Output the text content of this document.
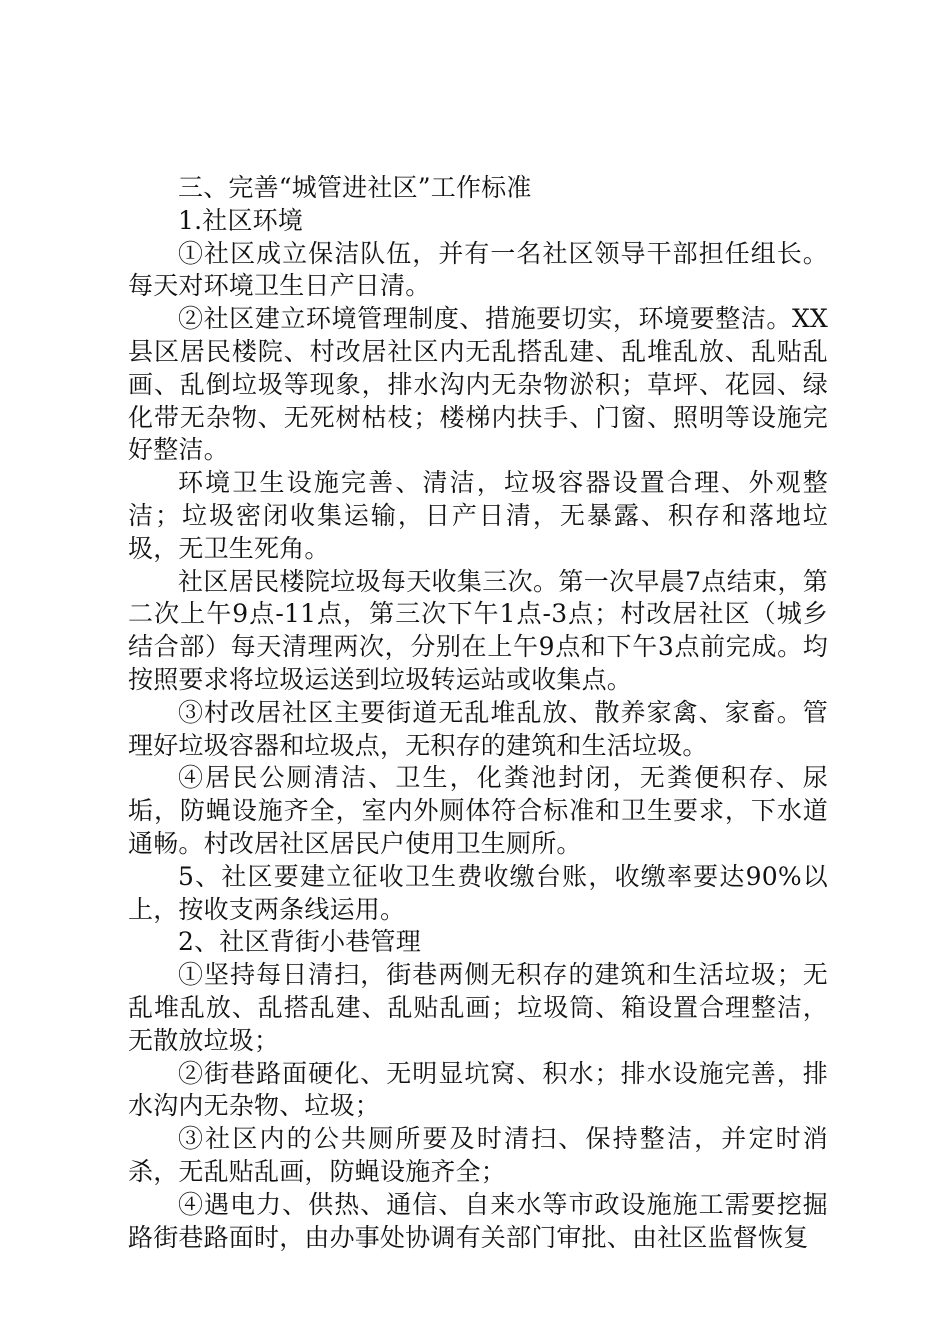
三、完善“城管进社区”工作标准

1.社区环境

①社区成立保洁队伍，并有一名社区领导干部担任组长。每天对环境卫生日产日清。

②社区建立环境管理制度、措施要切实，环境要整洁。XX县区居民楼院、村改居社区内无乱搭乱建、乱堆乱放、乱贴乱画、乱倒垃圾等现象，排水沟内无杂物淤积；草坪、花园、绿化带无杂物、无死树枯枝；楼梯内扶手、门窗、照明等设施完好整洁。

环境卫生设施完善、清洁，垃圾容器设置合理、外观整洁；垃圾密闭收集运输，日产日清，无暴露、积存和落地垃圾，无卫生死角。

社区居民楼院垃圾每天收集三次。第一次早晨7点结束，第二次上午9点-11点，第三次下午1点-3点；村改居社区（城乡结合部）每天清理两次，分别在上午9点和下午3点前完成。均按照要求将垃圾运送到垃圾转运站或收集点。

③村改居社区主要街道无乱堆乱放、散养家禽、家畜。管理好垃圾容器和垃圾点，无积存的建筑和生活垃圾。

④居民公厕清洁、卫生，化粪池封闭，无粪便积存、尿垢，防蝇设施齐全，室内外厕体符合标准和卫生要求，下水道通畅。村改居社区居民户使用卫生厕所。

5、社区要建立征收卫生费收缴台账，收缴率要达90%以上，按收支两条线运用。

2、社区背街小巷管理

①坚持每日清扫，街巷两侧无积存的建筑和生活垃圾；无乱堆乱放、乱搭乱建、乱贴乱画；垃圾筒、箱设置合理整洁，无散放垃圾；

②街巷路面硬化、无明显坑窝、积水；排水设施完善，排水沟内无杂物、垃圾；

③社区内的公共厕所要及时清扫、保持整洁，并定时消杀，无乱贴乱画，防蝇设施齐全；

④遇电力、供热、通信、自来水等市政设施施工需要挖掘路街巷路面时，由办事处协调有关部门审批、由社区监督恢复
